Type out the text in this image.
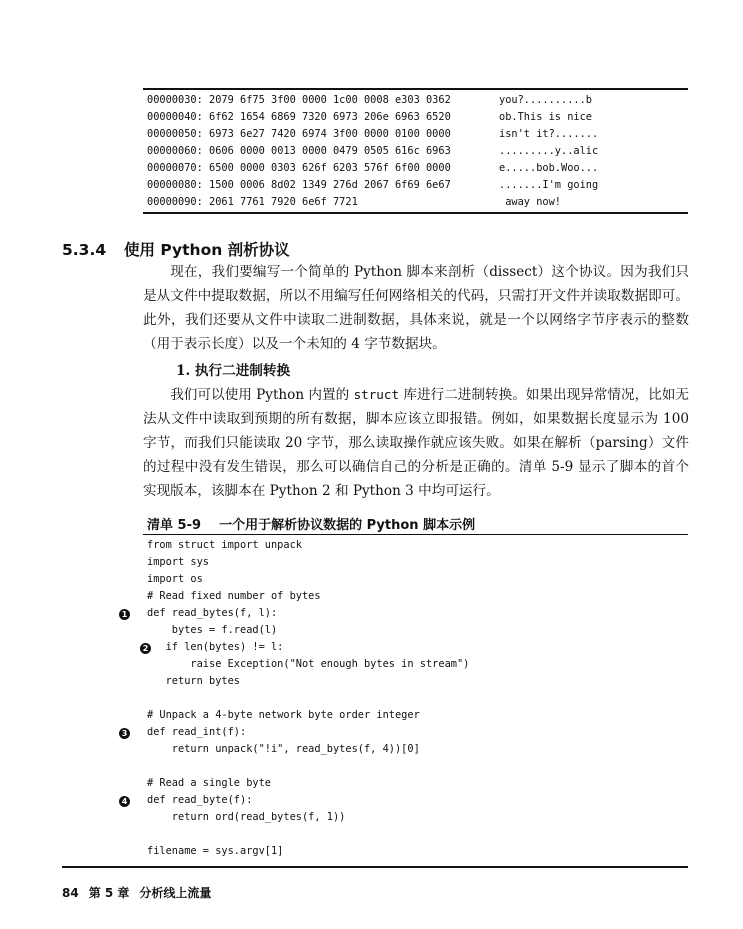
00000030: 2079 6f75 3f00 0000 1c00 0008 e303 0362	you?..........b
00000040: 6f62 1654 6869 7320 6973 206e 6963 6520	ob.This is nice
00000050: 6973 6e27 7420 6974 3f00 0000 0100 0000	isn't it?.......
00000060: 0606 0000 0013 0000 0479 0505 616c 6963	.........y..alic
00000070: 6500 0000 0303 626f 6203 576f 6f00 0000	e.....bob.Woo...
00000080: 1500 0006 8d02 1349 276d 2067 6f69 6e67	.......I'm going
00000090: 2061 7761 7920 6e6f 7721	away now!
5.3.4 使用 Python 剖析协议

现在，我们要编写一个简单的 Python 脚本来剖析（dissect）这个协议。因为我们只是从文件中提取数据，所以不用编写任何网络相关的代码，只需打开文件并读取数据即可。此外，我们还要从文件中读取二进制数据，具体来说，就是一个以网络字节序表示的整数（用于表示长度）以及一个未知的 4 字节数据块。

1. 执行二进制转换

我们可以使用 Python 内置的 struct 库进行二进制转换。如果出现异常情况，比如无法从文件中读取到预期的所有数据，脚本应该立即报错。例如，如果数据长度显示为 100 字节，而我们只能读取 20 字节，那么读取操作就应该失败。如果在解析（parsing）文件的过程中没有发生错误，那么可以确信自己的分析是正确的。清单 5-9 显示了脚本的首个实现版本，该脚本在 Python 2 和 Python 3 中均可运行。

清单 5-9    一个用于解析协议数据的 Python 脚本示例
from struct import unpack
import sys
import os
# Read fixed number of bytes
1 def read_bytes(f, l):
bytes = f.read(l)
2
if len(bytes) != l:
raise Exception("Not enough bytes in stream")
return bytes
# Unpack a 4-byte network byte order integer
3 def read_int(f):
return unpack("!i", read_bytes(f, 4))[0]
# Read a single byte
4 def read_byte(f):
return ord(read_bytes(f, 1))
filename = sys.argv[1]
84 第 5 章 分析线上流量
